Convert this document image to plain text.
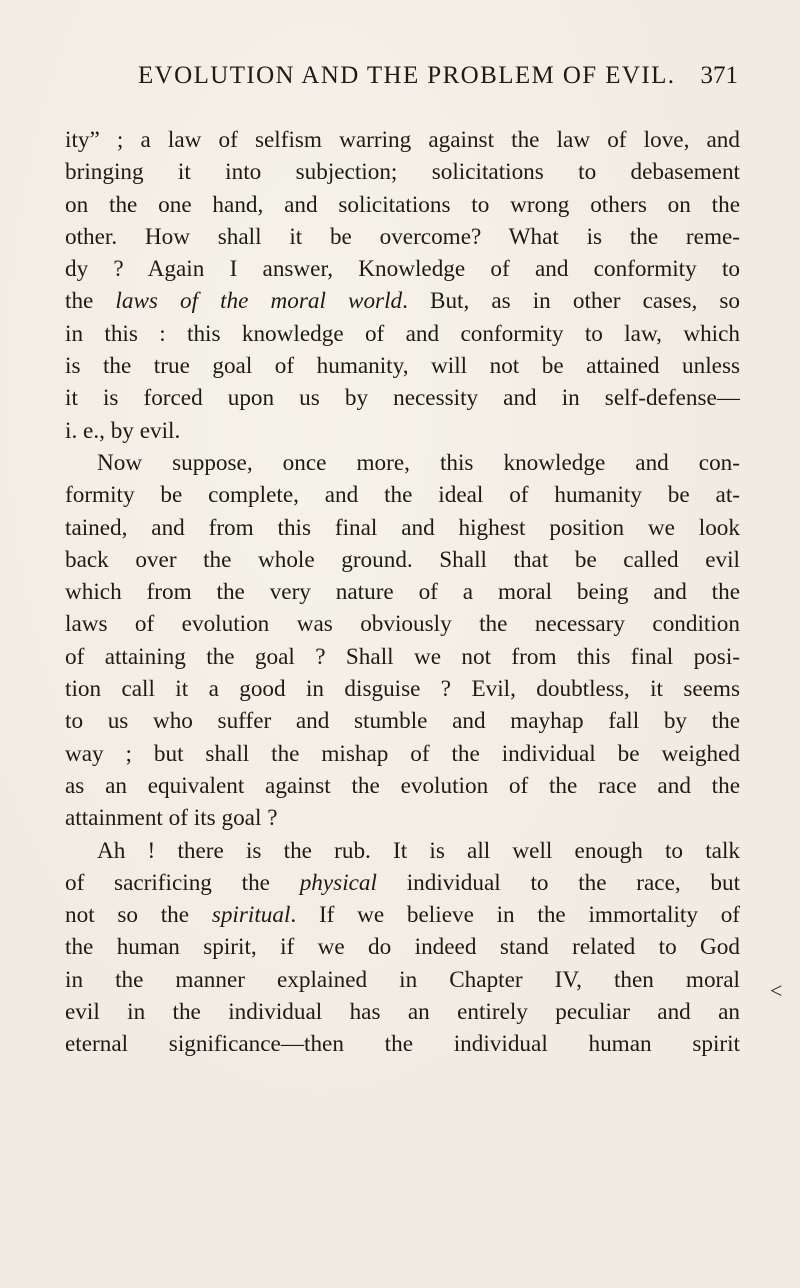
EVOLUTION AND THE PROBLEM OF EVIL. 371
ity” ; a law of selfism warring against the law of love, and
bringing it into subjection; solicitations to debasement
on the one hand, and solicitations to wrong others on the
other. How shall it be overcome? What is the reme-
dy ? Again I answer, Knowledge of and conformity to
the laws of the moral world. But, as in other cases, so
in this : this knowledge of and conformity to law, which
is the true goal of humanity, will not be attained unless
it is forced upon us by necessity and in self-defense—
i. e., by evil.
Now suppose, once more, this knowledge and con-
formity be complete, and the ideal of humanity be at-
tained, and from this final and highest position we look
back over the whole ground. Shall that be called evil
which from the very nature of a moral being and the
laws of evolution was obviously the necessary condition
of attaining the goal ? Shall we not from this final posi-
tion call it a good in disguise ? Evil, doubtless, it seems
to us who suffer and stumble and mayhap fall by the
way ; but shall the mishap of the individual be weighed
as an equivalent against the evolution of the race and the
attainment of its goal ?
Ah ! there is the rub. It is all well enough to talk
of sacrificing the physical individual to the race, but
not so the spiritual. If we believe in the immortality of
the human spirit, if we do indeed stand related to God
in the manner explained in Chapter IV, then moral
evil in the individual has an entirely peculiar and an
eternal significance—then the individual human spirit
<
